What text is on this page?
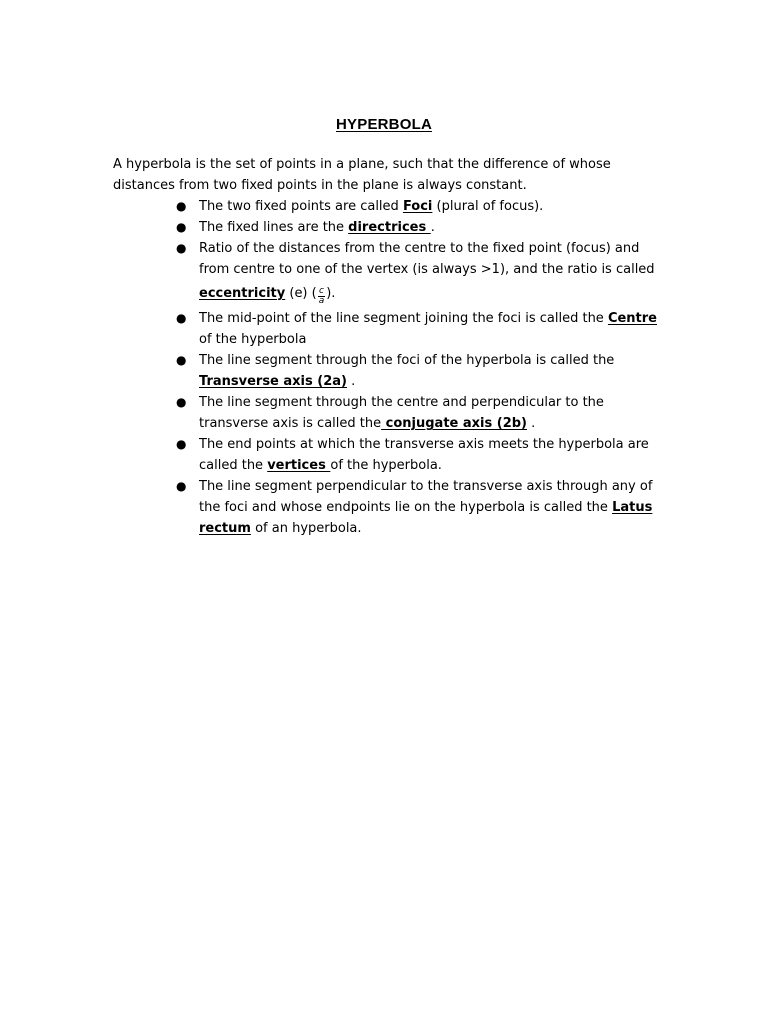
HYPERBOLA

A hyperbola is the set of points in a plane, such that the difference of whose distances from two fixed points in the plane is always constant.

● The two fixed points are called Foci (plural of focus).
● The fixed lines are the directrices .
● Ratio of the distances from the centre to the fixed point (focus) and from centre to one of the vertex (is always >1), and the ratio is called eccentricity (e) ( $\frac{c}{a}$ ).
● The mid-point of the line segment joining the foci is called the Centre of the hyperbola
● The line segment through the foci of the hyperbola is called the Transverse axis (2a) .
● The line segment through the centre and perpendicular to the transverse axis is called the conjugate axis (2b) .
● The end points at which the transverse axis meets the hyperbola are called the vertices of the hyperbola.
● The line segment perpendicular to the transverse axis through any of the foci and whose endpoints lie on the hyperbola is called the Latus rectum of an hyperbola.
